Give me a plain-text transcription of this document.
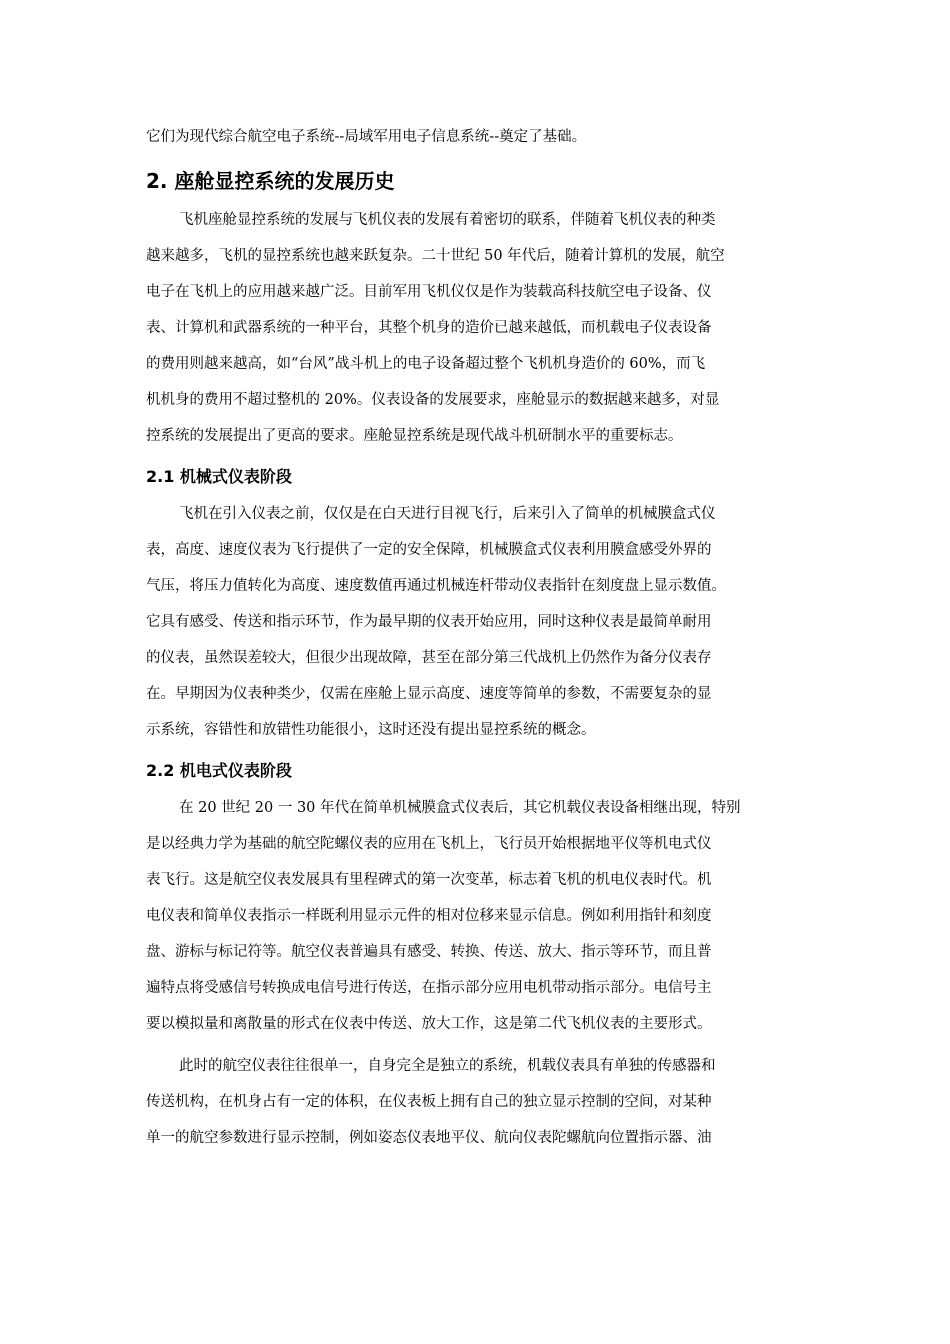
它们为现代综合航空电子系统--局域军用电子信息系统--奠定了基础。

2. 座舱显控系统的发展历史
飞机座舱显控系统的发展与飞机仪表的发展有着密切的联系，伴随着飞机仪表的种类
越来越多，飞机的显控系统也越来跃复杂。二十世纪 50 年代后，随着计算机的发展，航空
电子在飞机上的应用越来越广泛。目前军用飞机仪仅是作为装载高科技航空电子设备、仪
表、计算机和武器系统的一种平台，其整个机身的造价已越来越低，而机载电子仪表设备
的费用则越来越高，如“台风”战斗机上的电子设备超过整个飞机机身造价的 60%，而飞
机机身的费用不超过整机的 20%。仪表设备的发展要求，座舱显示的数据越来越多，对显
控系统的发展提出了更高的要求。座舱显控系统是现代战斗机研制水平的重要标志。
2.1 机械式仪表阶段
飞机在引入仪表之前，仅仅是在白天进行目视飞行，后来引入了简单的机械膜盒式仪
表，高度、速度仪表为飞行提供了一定的安全保障，机械膜盒式仪表利用膜盒感受外界的
气压，将压力值转化为高度、速度数值再通过机械连杆带动仪表指针在刻度盘上显示数值。
它具有感受、传送和指示环节，作为最早期的仪表开始应用，同时这种仪表是最简单耐用
的仪表，虽然误差较大，但很少出现故障，甚至在部分第三代战机上仍然作为备分仪表存
在。早期因为仪表种类少，仅需在座舱上显示高度、速度等简单的参数，不需要复杂的显
示系统，容错性和放错性功能很小，这时还没有提出显控系统的概念。
2.2 机电式仪表阶段
在 20 世纪 20 一 30 年代在简单机械膜盒式仪表后，其它机载仪表设备相继出现，特别
是以经典力学为基础的航空陀螺仪表的应用在飞机上，飞行员开始根据地平仪等机电式仪
表飞行。这是航空仪表发展具有里程碑式的第一次变革，标志着飞机的机电仪表时代。机
电仪表和简单仪表指示一样既利用显示元件的相对位移来显示信息。例如利用指针和刻度
盘、游标与标记符等。航空仪表普遍具有感受、转换、传送、放大、指示等环节，而且普
遍特点将受感信号转换成电信号进行传送，在指示部分应用电机带动指示部分。电信号主
要以模拟量和离散量的形式在仪表中传送、放大工作，这是第二代飞机仪表的主要形式。
此时的航空仪表往往很单一，自身完全是独立的系统，机载仪表具有单独的传感器和
传送机构，在机身占有一定的体积，在仪表板上拥有自己的独立显示控制的空间，对某种
单一的航空参数进行显示控制，例如姿态仪表地平仪、航向仪表陀螺航向位置指示器、油
